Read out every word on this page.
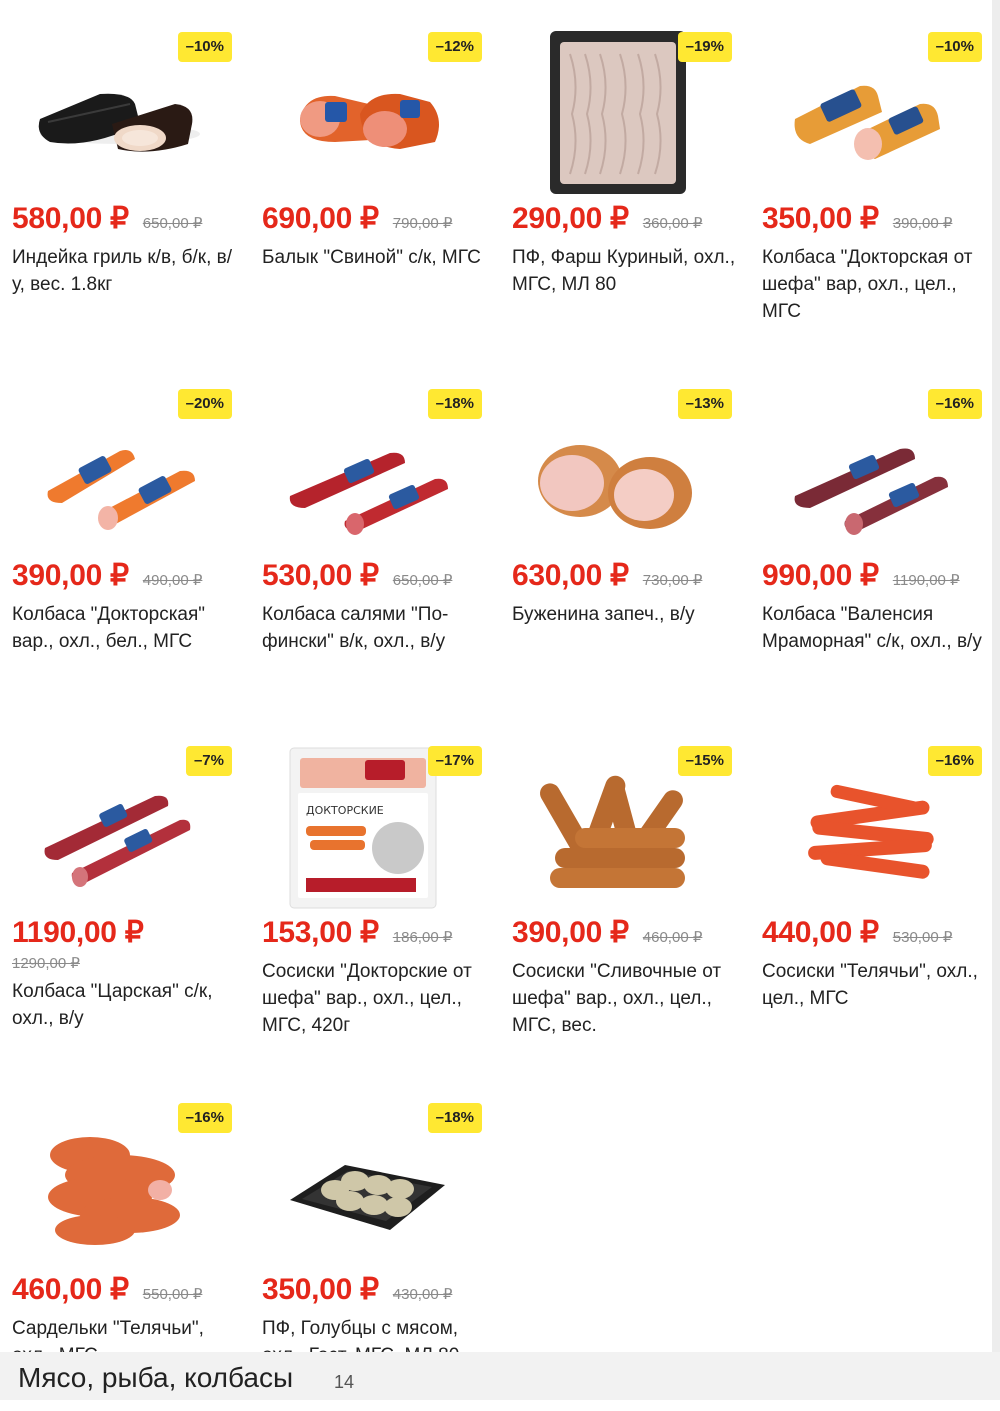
–10%
580,00 ₽ 650,00 ₽
Индейка гриль к/в, б/к, в/у, вес. 1.8кг
–12%
690,00 ₽ 790,00 ₽
Балык "Свиной" с/к, МГС
–19%
290,00 ₽ 360,00 ₽
ПФ, Фарш Куриный, охл., МГС, МЛ 80
–10%
350,00 ₽ 390,00 ₽
Колбаса "Докторская от шефа" вар, охл., цел., МГС
–20%
390,00 ₽ 490,00 ₽
Колбаса "Докторская" вар., охл., бел., МГС
–18%
530,00 ₽ 650,00 ₽
Колбаса салями "По-фински" в/к, охл., в/у
–13%
630,00 ₽ 730,00 ₽
Буженина запеч., в/у
–16%
990,00 ₽ 1190,00 ₽
Колбаса "Валенсия Мраморная" с/к, охл., в/у
–7%
1190,00 ₽
1290,00 ₽
Колбаса "Царская" с/к, охл., в/у
ДОКТОРСКИЕ
–17%
153,00 ₽ 186,00 ₽
Сосиски "Докторские от шефа" вар., охл., цел., МГС, 420г
–15%
390,00 ₽ 460,00 ₽
Сосиски "Сливочные от шефа" вар., охл., цел., МГС, вес.
–16%
440,00 ₽ 530,00 ₽
Сосиски "Телячьи", охл., цел., МГС
–16%
460,00 ₽ 550,00 ₽
Сардельки "Телячьи",
–18%
350,00 ₽ 430,00 ₽
ПФ, Голубцы с мясом,
Мясо, рыба, колбасы 14
